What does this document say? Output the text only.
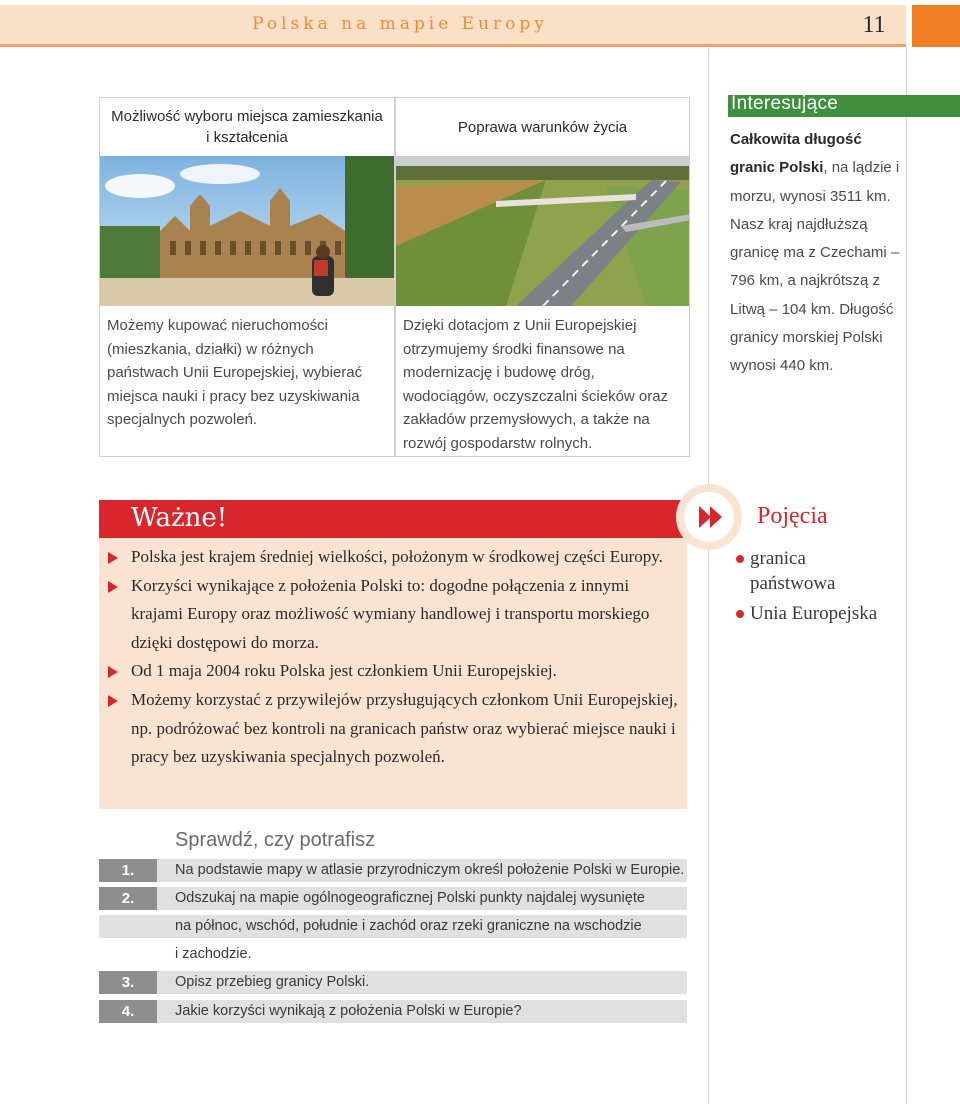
Polska na mapie Europy	11
Możliwość wyboru miejsca zamieszkania i kształcenia
Możemy kupować nieruchomości (mieszkania, działki) w różnych państwach Unii Europejskiej, wybierać miejsca nauki i pracy bez uzyskiwania specjalnych pozwoleń.
Poprawa warunków życia
Dzięki dotacjom z Unii Europejskiej otrzymujemy środki finansowe na modernizację i budowę dróg, wodociągów, oczyszczalni ścieków oraz zakładów przemysłowych, a także na rozwój gospodarstw rolnych.
Interesujące
Całkowita długość granic Polski, na lądzie i morzu, wynosi 3511 km. Nasz kraj najdłuższą granicę ma z Czechami – 796 km, a najkrótszą z Litwą – 104 km. Długość granicy morskiej Polski wynosi 440 km.
Ważne!
Polska jest krajem średniej wielkości, położonym w środkowej części Europy.
Korzyści wynikające z położenia Polski to: dogodne połączenia z innymi krajami Europy oraz możliwość wymiany handlowej i transportu morskiego dzięki dostępowi do morza.
Od 1 maja 2004 roku Polska jest członkiem Unii Europejskiej.
Możemy korzystać z przywilejów przysługujących członkom Unii Europejskiej, np. podróżować bez kontroli na granicach państw oraz wybierać miejsce nauki i pracy bez uzyskiwania specjalnych pozwoleń.
Pojęcia
granica państwowa
Unia Europejska
Sprawdź, czy potrafisz
1.	Na podstawie mapy w atlasie przyrodniczym określ położenie Polski w Europie.
2.	Odszukaj na mapie ogólnogeograficznej Polski punkty najdalej wysunięte
na północ, wschód, południe i zachód oraz rzeki graniczne na wschodzie
i zachodzie.
3.	Opisz przebieg granicy Polski.
4.	Jakie korzyści wynikają z położenia Polski w Europie?
